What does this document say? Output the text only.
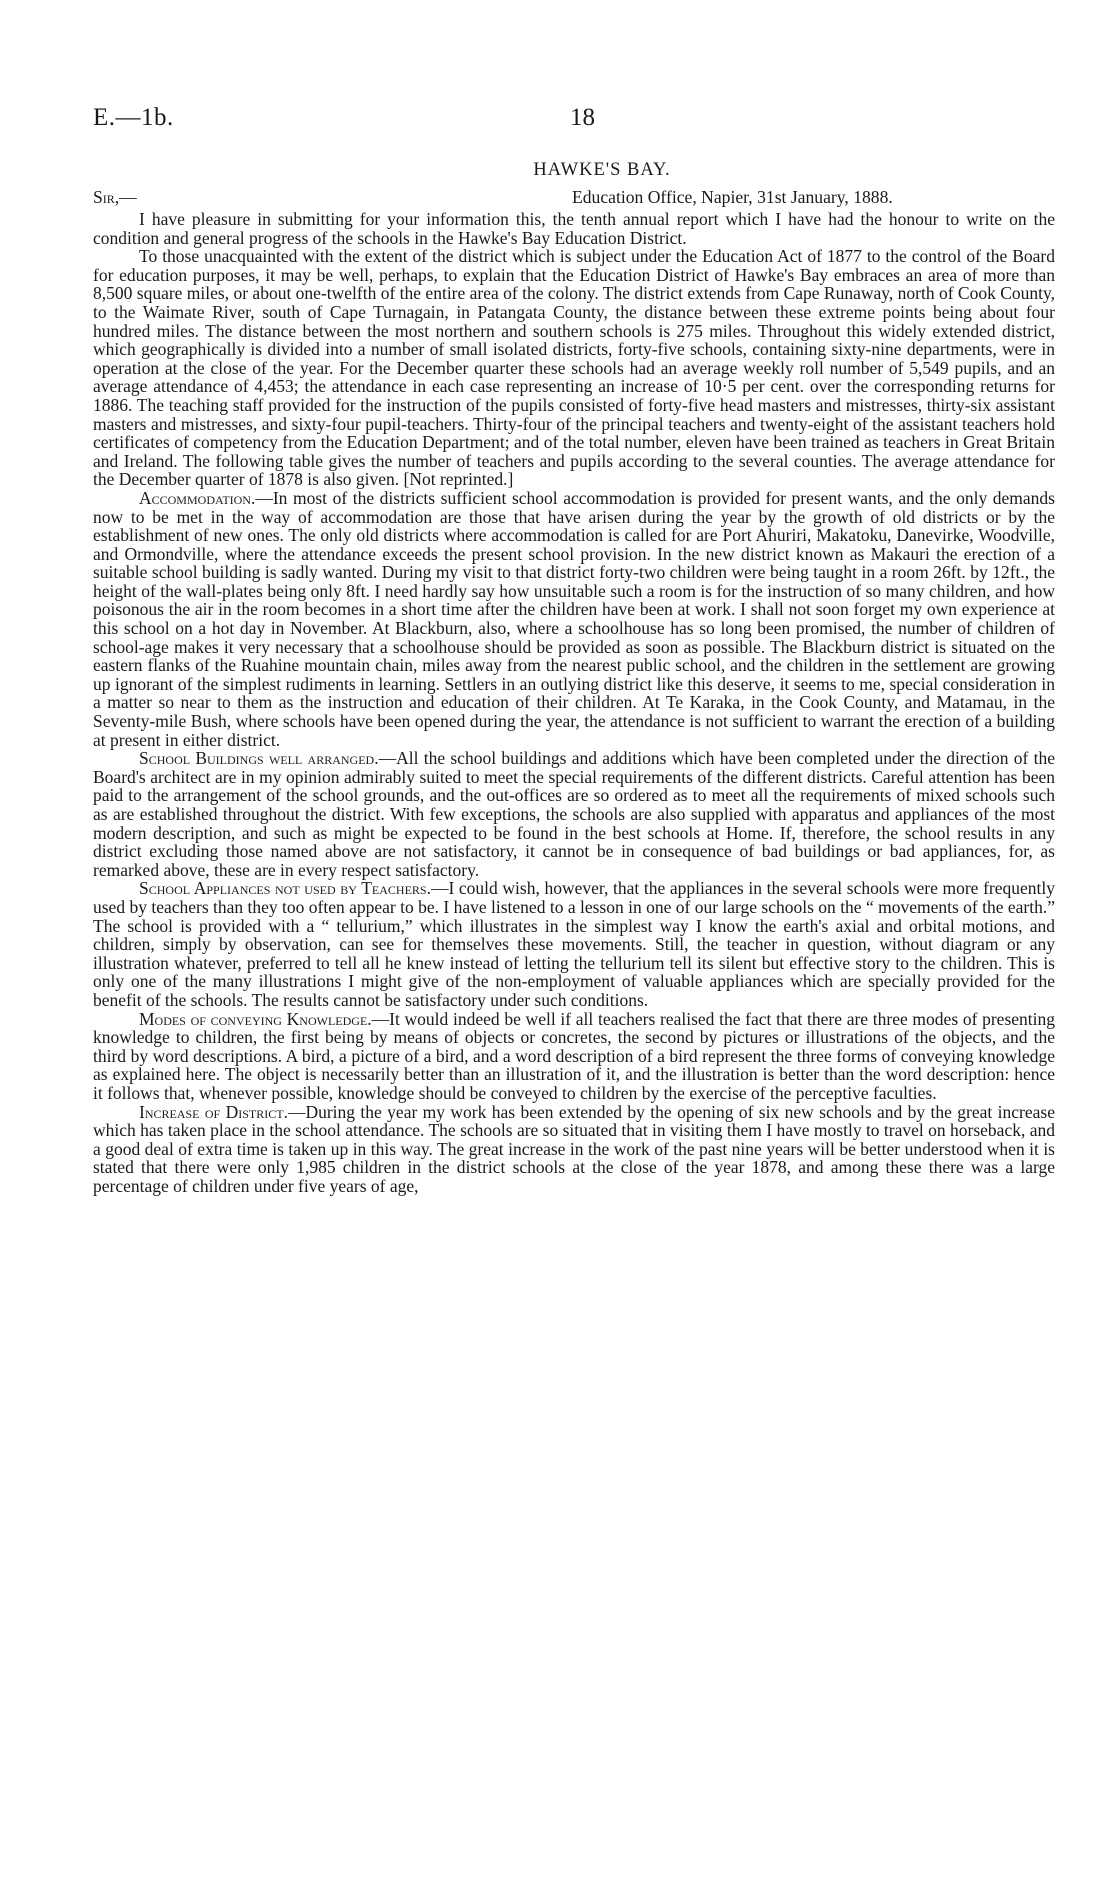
E.—1b.	18
HAWKE'S BAY.
Sir,—	Education Office, Napier, 31st January, 1888.

I have pleasure in submitting for your information this, the tenth annual report which I have had the honour to write on the condition and general progress of the schools in the Hawke's Bay Education District.

To those unacquainted with the extent of the district which is subject under the Education Act of 1877 to the control of the Board for education purposes, it may be well, perhaps, to explain that the Education District of Hawke's Bay embraces an area of more than 8,500 square miles, or about one-twelfth of the entire area of the colony. The district extends from Cape Runaway, north of Cook County, to the Waimate River, south of Cape Turnagain, in Patangata County, the distance between these extreme points being about four hundred miles. The distance between the most northern and southern schools is 275 miles. Throughout this widely extended district, which geographically is divided into a number of small isolated districts, forty-five schools, containing sixty-nine departments, were in operation at the close of the year. For the December quarter these schools had an average weekly roll number of 5,549 pupils, and an average attendance of 4,453; the attendance in each case representing an increase of 10·5 per cent. over the corresponding returns for 1886. The teaching staff provided for the instruction of the pupils consisted of forty-five head masters and mistresses, thirty-six assistant masters and mistresses, and sixty-four pupil-teachers. Thirty-four of the principal teachers and twenty-eight of the assistant teachers hold certificates of competency from the Education Department; and of the total number, eleven have been trained as teachers in Great Britain and Ireland. The following table gives the number of teachers and pupils according to the several counties. The average attendance for the December quarter of 1878 is also given. [Not reprinted.]

Accommodation.—In most of the districts sufficient school accommodation is provided for present wants, and the only demands now to be met in the way of accommodation are those that have arisen during the year by the growth of old districts or by the establishment of new ones. The only old districts where accommodation is called for are Port Ahuriri, Makatoku, Danevirke, Woodville, and Ormondville, where the attendance exceeds the present school provision. In the new district known as Makauri the erection of a suitable school building is sadly wanted. During my visit to that district forty-two children were being taught in a room 26ft. by 12ft., the height of the wall-plates being only 8ft. I need hardly say how unsuitable such a room is for the instruction of so many children, and how poisonous the air in the room becomes in a short time after the children have been at work. I shall not soon forget my own experience at this school on a hot day in November. At Blackburn, also, where a schoolhouse has so long been promised, the number of children of school-age makes it very necessary that a schoolhouse should be provided as soon as possible. The Blackburn district is situated on the eastern flanks of the Ruahine mountain chain, miles away from the nearest public school, and the children in the settlement are growing up ignorant of the simplest rudiments in learning. Settlers in an outlying district like this deserve, it seems to me, special consideration in a matter so near to them as the instruction and education of their children. At Te Karaka, in the Cook County, and Matamau, in the Seventy-mile Bush, where schools have been opened during the year, the attendance is not sufficient to warrant the erection of a building at present in either district.

School Buildings well arranged.—All the school buildings and additions which have been completed under the direction of the Board's architect are in my opinion admirably suited to meet the special requirements of the different districts. Careful attention has been paid to the arrangement of the school grounds, and the out-offices are so ordered as to meet all the requirements of mixed schools such as are established throughout the district. With few exceptions, the schools are also supplied with apparatus and appliances of the most modern description, and such as might be expected to be found in the best schools at Home. If, therefore, the school results in any district excluding those named above are not satisfactory, it cannot be in consequence of bad buildings or bad appliances, for, as remarked above, these are in every respect satisfactory.

School Appliances not used by Teachers.—I could wish, however, that the appliances in the several schools were more frequently used by teachers than they too often appear to be. I have listened to a lesson in one of our large schools on the “ movements of the earth.” The school is provided with a “ tellurium,” which illustrates in the simplest way I know the earth's axial and orbital motions, and children, simply by observation, can see for themselves these movements. Still, the teacher in question, without diagram or any illustration whatever, preferred to tell all he knew instead of letting the tellurium tell its silent but effective story to the children. This is only one of the many illustrations I might give of the non-employment of valuable appliances which are specially provided for the benefit of the schools. The results cannot be satisfactory under such conditions.

Modes of conveying Knowledge.—It would indeed be well if all teachers realised the fact that there are three modes of presenting knowledge to children, the first being by means of objects or concretes, the second by pictures or illustrations of the objects, and the third by word descriptions. A bird, a picture of a bird, and a word description of a bird represent the three forms of conveying knowledge as explained here. The object is necessarily better than an illustration of it, and the illustration is better than the word description: hence it follows that, whenever possible, knowledge should be conveyed to children by the exercise of the perceptive faculties.

Increase of District.—During the year my work has been extended by the opening of six new schools and by the great increase which has taken place in the school attendance. The schools are so situated that in visiting them I have mostly to travel on horseback, and a good deal of extra time is taken up in this way. The great increase in the work of the past nine years will be better understood when it is stated that there were only 1,985 children in the district schools at the close of the year 1878, and among these there was a large percentage of children under five years of age,
